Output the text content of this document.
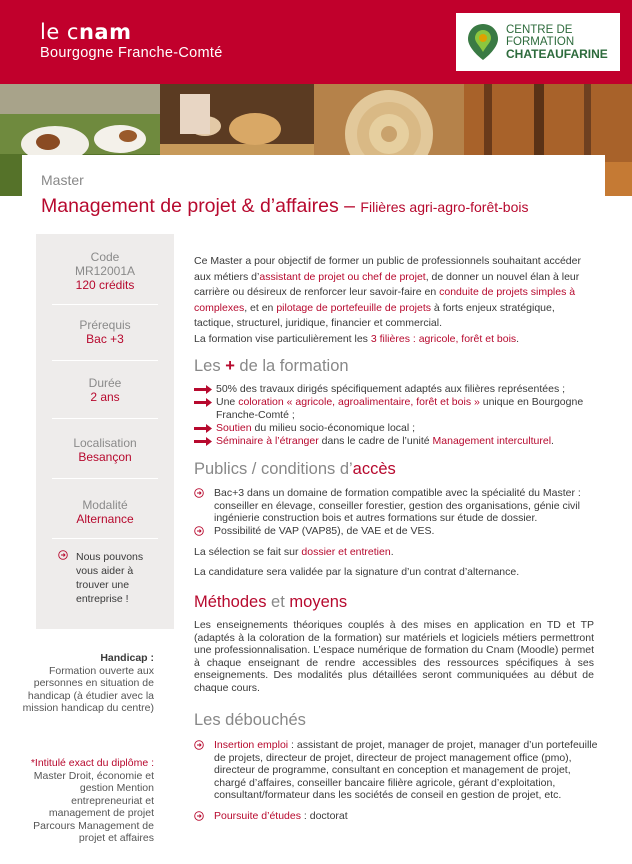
le cnam
Bourgogne Franche-Comté
CENTRE DE
FORMATION
CHATEAUFARINE
Master
Management de projet & d’affaires – Filières agri-agro-forêt-bois
Code
MR12001A
120 crédits
Prérequis
Bac +3
Durée
2 ans
Localisation
Besançon
Modalité
Alternance
Nous pouvons vous aider à trouver une entreprise !
Handicap :
Formation ouverte aux personnes en situation de handicap (à étudier avec la mission handicap du centre)
*Intitulé exact du diplôme :
Master Droit, économie et gestion Mention entrepreneuriat et management de projet Parcours Management de projet et affaires
Ce Master a pour objectif de former un public de professionnels souhaitant accéder aux métiers d’assistant de projet ou chef de projet, de donner un nouvel élan à leur carrière ou désireux de renforcer leur savoir-faire en conduite de projets simples à complexes, et en pilotage de portefeuille de projets à forts enjeux stratégique, tactique, structurel, juridique, financier et commercial.
La formation vise particulièrement les 3 filières : agricole, forêt et bois.
Les + de la formation
50% des travaux dirigés spécifiquement adaptés aux filières représentées ;
Une coloration « agricole, agroalimentaire, forêt et bois » unique en Bourgogne Franche-Comté ;
Soutien du milieu socio-économique local ;
Séminaire à l’étranger dans le cadre de l’unité Management interculturel.
Publics / conditions d’accès
Bac+3 dans un domaine de formation compatible avec la spécialité du Master : conseiller en élevage, conseiller forestier, gestion des organisations, génie civil ingénierie construction bois et autres formations sur étude de dossier.
Possibilité de VAP (VAP85), de VAE et de VES.
La sélection se fait sur dossier et entretien.
La candidature sera validée par la signature d’un contrat d’alternance.
Méthodes et moyens
Les enseignements théoriques couplés à des mises en application en TD et TP (adaptés à la coloration de la formation) sur matériels et logiciels métiers permettront une professionnalisation. L’espace numérique de formation du Cnam (Moodle) permet à chaque enseignant de rendre accessibles des ressources spécifiques à ses enseignements. Des modalités plus détaillées seront communiquées au début de chaque cours.
Les débouchés
Insertion emploi : assistant de projet, manager de projet, manager d’un portefeuille de projets, directeur de projet, directeur de project management office (pmo), directeur de programme, consultant en conception et management de projet, chargé d’affaires, conseiller bancaire filière agricole, gérant d’exploitation, consultant/formateur dans les sociétés de conseil en gestion de projet, etc.
Poursuite d’études : doctorat
